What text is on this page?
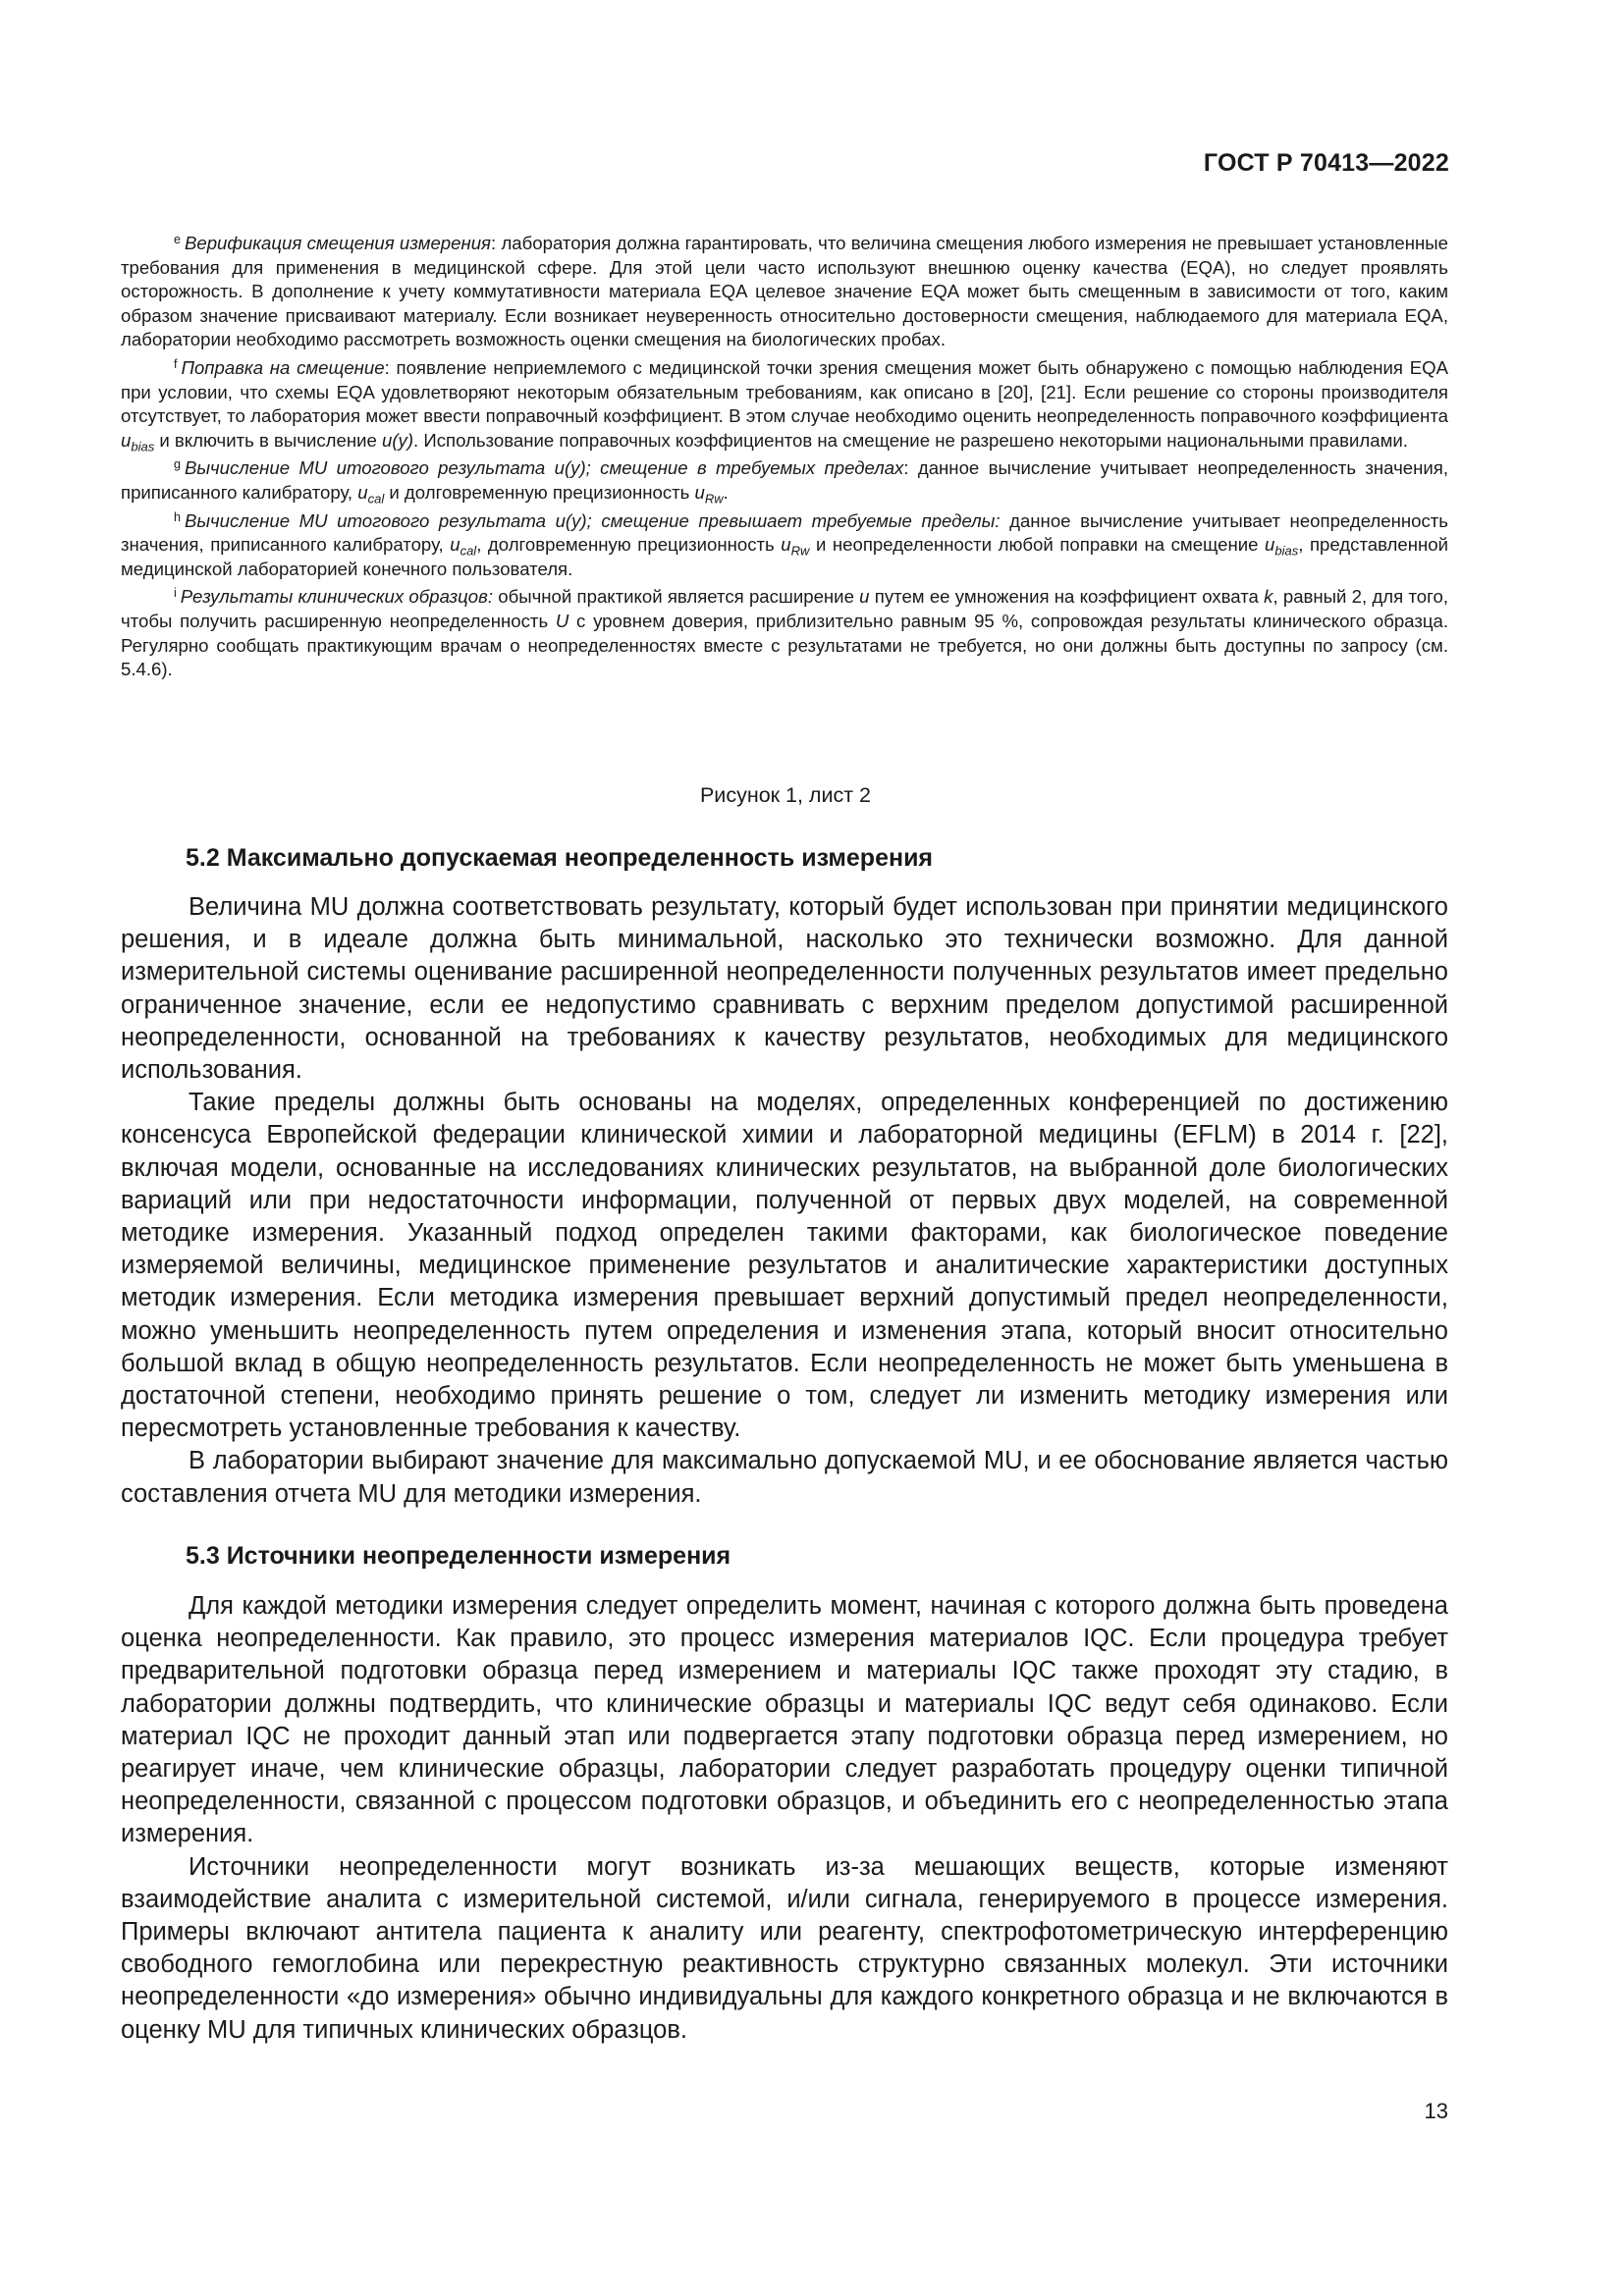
ГОСТ Р 70413—2022

$^e$ Верификация смещения измерения: лаборатория должна гарантировать, что величина смещения любого измерения не превышает установленные требования для применения в медицинской сфере. Для этой цели часто используют внешнюю оценку качества (EQA), но следует проявлять осторожность. В дополнение к учету коммутативности материала EQA целевое значение EQA может быть смещенным в зависимости от того, каким образом значение присваивают материалу. Если возникает неуверенность относительно достоверности смещения, наблюдаемого для материала EQA, лаборатории необходимо рассмотреть возможность оценки смещения на биологических пробах.

$^f$ Поправка на смещение: появление неприемлемого с медицинской точки зрения смещения может быть обнаружено с помощью наблюдения EQA при условии, что схемы EQA удовлетворяют некоторым обязательным требованиям, как описано в [20], [21]. Если решение со стороны производителя отсутствует, то лаборатория может ввести поправочный коэффициент. В этом случае необходимо оценить неопределенность поправочного коэффициента $u_{bias}$ и включить в вычисление u(y). Использование поправочных коэффициентов на смещение не разрешено некоторыми национальными правилами.

$^g$ Вычисление MU итогового результата u(y); смещение в требуемых пределах: данное вычисление учитывает неопределенность значения, приписанного калибратору, $u_{cal}$ и долговременную прецизионность $u_{Rw}$.

$^h$ Вычисление MU итогового результата u(y); смещение превышает требуемые пределы: данное вычисление учитывает неопределенность значения, приписанного калибратору, $u_{cal}$, долговременную прецизионность $u_{Rw}$ и неопределенности любой поправки на смещение $u_{bias}$, представленной медицинской лабораторией конечного пользователя.

$^i$ Результаты клинических образцов: обычной практикой является расширение u путем ее умножения на коэффициент охвата k, равный 2, для того, чтобы получить расширенную неопределенность U с уровнем доверия, приблизительно равным 95 %, сопровождая результаты клинического образца. Регулярно сообщать практикующим врачам о неопределенностях вместе с результатами не требуется, но они должны быть доступны по запросу (см. 5.4.6).

Рисунок 1, лист 2
5.2 Максимально допускаемая неопределенность измерения

Величина MU должна соответствовать результату, который будет использован при принятии медицинского решения, и в идеале должна быть минимальной, насколько это технически возможно. Для данной измерительной системы оценивание расширенной неопределенности полученных результатов имеет предельно ограниченное значение, если ее недопустимо сравнивать с верхним пределом допустимой расширенной неопределенности, основанной на требованиях к качеству результатов, необходимых для медицинского использования.

Такие пределы должны быть основаны на моделях, определенных конференцией по достижению консенсуса Европейской федерации клинической химии и лабораторной медицины (EFLM) в 2014 г. [22], включая модели, основанные на исследованиях клинических результатов, на выбранной доле биологических вариаций или при недостаточности информации, полученной от первых двух моделей, на современной методике измерения. Указанный подход определен такими факторами, как биологическое поведение измеряемой величины, медицинское применение результатов и аналитические характеристики доступных методик измерения. Если методика измерения превышает верхний допустимый предел неопределенности, можно уменьшить неопределенность путем определения и изменения этапа, который вносит относительно большой вклад в общую неопределенность результатов. Если неопределенность не может быть уменьшена в достаточной степени, необходимо принять решение о том, следует ли изменить методику измерения или пересмотреть установленные требования к качеству.

В лаборатории выбирают значение для максимально допускаемой MU, и ее обоснование является частью составления отчета MU для методики измерения.

5.3 Источники неопределенности измерения

Для каждой методики измерения следует определить момент, начиная с которого должна быть проведена оценка неопределенности. Как правило, это процесс измерения материалов IQC. Если процедура требует предварительной подготовки образца перед измерением и материалы IQC также проходят эту стадию, в лаборатории должны подтвердить, что клинические образцы и материалы IQC ведут себя одинаково. Если материал IQC не проходит данный этап или подвергается этапу подготовки образца перед измерением, но реагирует иначе, чем клинические образцы, лаборатории следует разработать процедуру оценки типичной неопределенности, связанной с процессом подготовки образцов, и объединить его с неопределенностью этапа измерения.

Источники неопределенности могут возникать из-за мешающих веществ, которые изменяют взаимодействие аналита с измерительной системой, и/или сигнала, генерируемого в процессе измерения. Примеры включают антитела пациента к аналиту или реагенту, спектрофотометрическую интерференцию свободного гемоглобина или перекрестную реактивность структурно связанных молекул. Эти источники неопределенности «до измерения» обычно индивидуальны для каждого конкретного образца и не включаются в оценку MU для типичных клинических образцов.

13
